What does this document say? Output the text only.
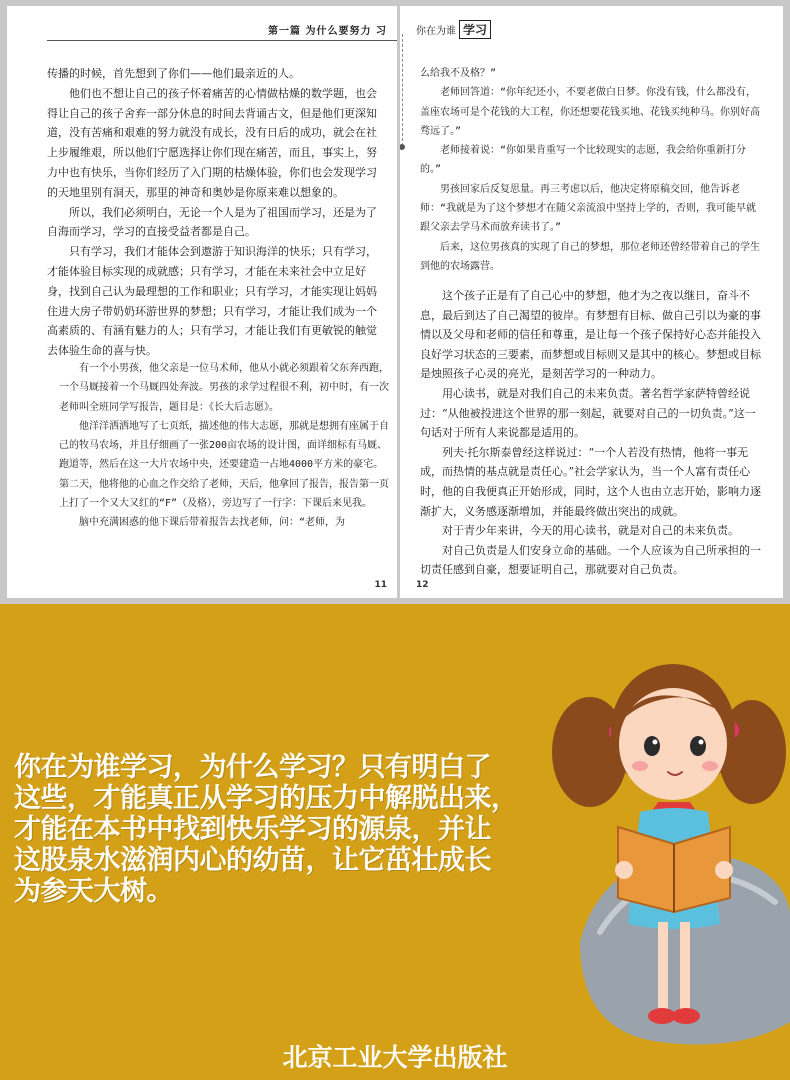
第一篇 为什么要努力 习

传播的时候，首先想到了你们——他们最亲近的人。

他们也不想让自己的孩子怀着痛苦的心情做枯燥的数学题，也会得让自己的孩子舍弃一部分休息的时间去背诵古文，但是他们更深知道，没有苦痛和艰难的努力就没有成长，没有日后的成功，就会在社上步履维艰，所以他们宁愿选择让你们现在痛苦，而且，事实上，努力中也有快乐，当你们经历了入门期的枯燥体验，你们也会发现学习的天地里别有洞天，那里的神奇和奥妙是你原来难以想象的。

所以，我们必须明白，无论一个人是为了祖国而学习，还是为了自海而学习，学习的直接受益者都是自己。

只有学习，我们才能体会到遨游于知识海洋的快乐；只有学习，才能体验目标实现的成就感；只有学习，才能在未来社会中立足好身，找到自己认为最理想的工作和职业；只有学习，才能实现让妈妈住进大房子带奶奶环游世界的梦想；只有学习，才能让我们成为一个高素质的、有涵有魅力的人；只有学习，才能让我们有更敏锐的触觉去体验生命的喜与快。

有一个小男孩，他父亲是一位马术师，他从小就必须跟着父东奔西跑，一个马厩接着一个马厩四处奔波。男孩的求学过程很不利，初中时，有一次老师叫全班同学写报告，题目是：《长大后志愿》。

他洋洋洒洒地写了七页纸，描述他的伟大志愿，那就是想拥有座属于自己的牧马农场，并且仔细画了一张200亩农场的设计图，面详细标有马厩、跑道等，然后在这一大片农场中央，还要建造一占地4000平方米的豪宅。第二天，他将他的心血之作交给了老师，天后，他拿回了报告，报告第一页上打了一个又大又红的“F”（及格），旁边写了一行字：下课后来见我。

脑中充满困惑的他下课后带着报告去找老师，问：“老师，为

11
你在为谁 学习

么给我不及格？”

老师回答道：“你年纪还小，不要老做白日梦。你没有钱，什么都没有，盖座农场可是个花钱的大工程，你还想要花钱买地、花钱买纯种马。你别好高骛远了。”

老师接着说：“你如果肯重写一个比较现实的志愿，我会给你重新打分的。”

男孩回家后反复思量。再三考虑以后，他决定将原稿交回，他告诉老师：“我就是为了这个梦想才在随父亲流浪中坚持上学的，否则，我可能早就跟父亲去学马术而放弃读书了。”

后来，这位男孩真的实现了自己的梦想，那位老师还曾经带着自己的学生到他的农场露营。

这个孩子正是有了自己心中的梦想，他才为之夜以继日，奋斗不息，最后到达了自己渴望的彼岸。有梦想有目标、做自己引以为豪的事情以及父母和老师的信任和尊重，是让每一个孩子保持好心态并能投入良好学习状态的三要素，而梦想或目标则又是其中的核心。梦想或目标是烛照孩子心灵的亮光，是刻苦学习的一种动力。

用心读书，就是对我们自己的未来负责。著名哲学家萨特曾经说过：“从他被投进这个世界的那一刻起，就要对自己的一切负责。”这一句话对于所有人来说都是适用的。

列夫·托尔斯泰曾经这样说过：“一个人若没有热情，他将一事无成，而热情的基点就是责任心。”社会学家认为，当一个人富有责任心时，他的自我便真正开始形成，同时，这个人也由立志开始，影响力逐渐扩大，义务感逐渐增加，并能最终做出突出的成就。

对于青少年来讲，今天的用心读书，就是对自己的未来负责。

对自己负责是人们安身立命的基础。一个人应该为自己所承担的一切责任感到自豪，想要证明自己，那就要对自己负责。

12
你在为谁学习，为什么学习？只有明白了
这些，才能真正从学习的压力中解脱出来，
才能在本书中找到快乐学习的源泉，并让
这股泉水滋润内心的幼苗，让它茁壮成长
为参天大树。
北京工业大学出版社
